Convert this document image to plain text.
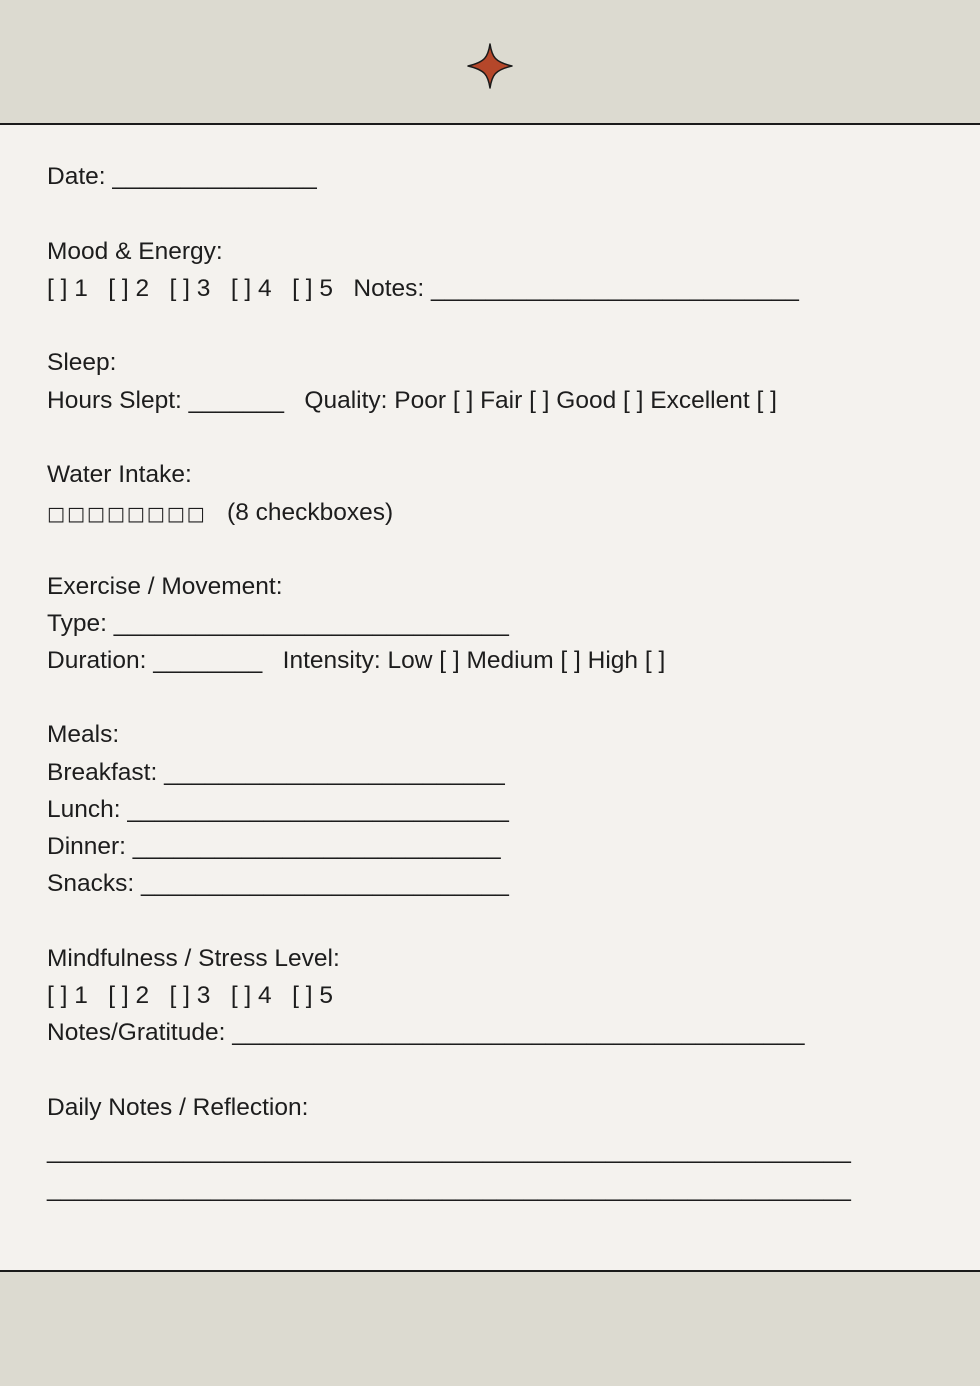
Date: _______________
Mood & Energy:
[ ] 1   [ ] 2   [ ] 3   [ ] 4   [ ] 5   Notes: ___________________________
Sleep:
Hours Slept: _______   Quality: Poor [ ] Fair [ ] Good [ ] Excellent [ ]
Water Intake:
□□□□□□□□ (8 checkboxes)
Exercise / Movement:
Type: _____________________________
Duration: ________   Intensity: Low [ ] Medium [ ] High [ ]
Meals:
Breakfast: _________________________
Lunch: ____________________________
Dinner: ___________________________
Snacks: ___________________________
Mindfulness / Stress Level:
[ ] 1   [ ] 2   [ ] 3   [ ] 4   [ ] 5
Notes/Gratitude: __________________________________________
Daily Notes / Reflection:
___________________________________________________________
___________________________________________________________
